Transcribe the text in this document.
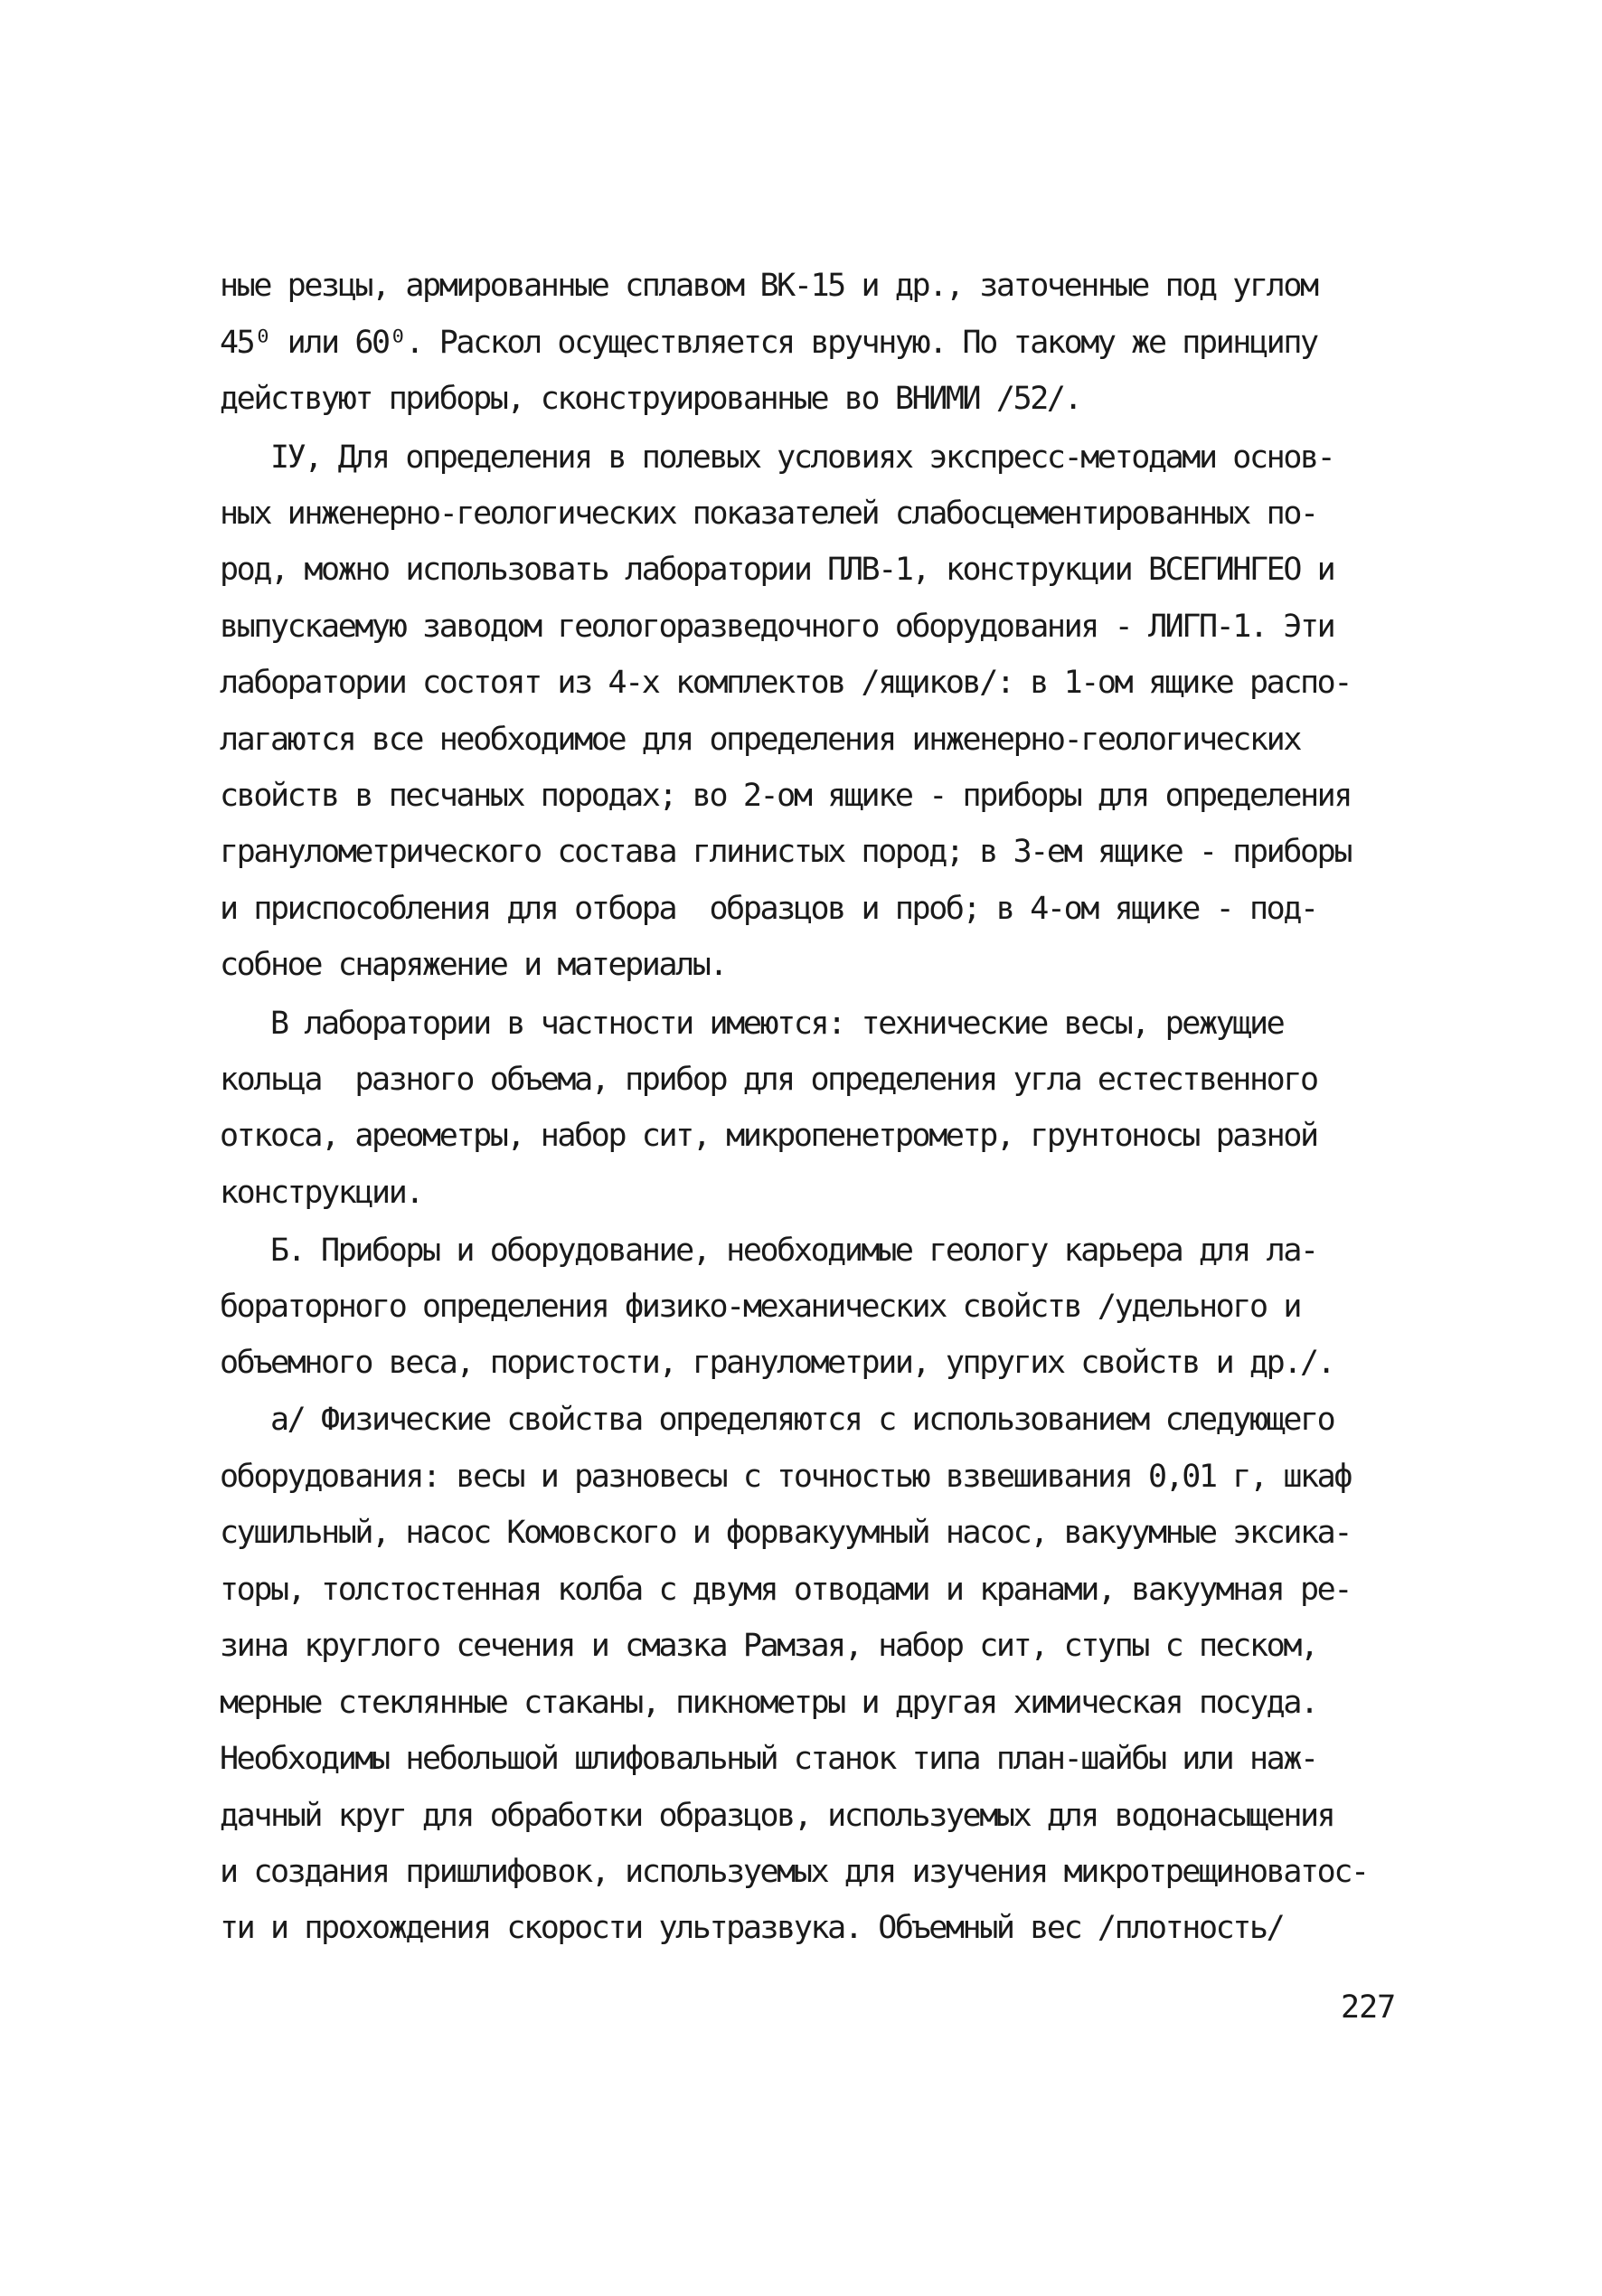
ные резцы, армированные сплавом ВК-15 и др., заточенные под углом
45⁰ или 60⁰. Раскол осуществляется вручную. По такому же принципу
действуют приборы, сконструированные во ВНИМИ /52/.
IУ, Для определения в полевых условиях экспресс-методами основ-
ных инженерно-геологических показателей слабосцементированных по-
род, можно использовать лаборатории ПЛВ-1, конструкции ВСЕГИНГЕО и
выпускаемую заводом геологоразведочного оборудования - ЛИГП-1. Эти
лаборатории состоят из 4-х комплектов /ящиков/: в 1-ом ящике распо-
лагаются все необходимое для определения инженерно-геологических
свойств в песчаных породах; во 2-ом ящике - приборы для определения
гранулометрического состава глинистых пород; в 3-ем ящике - приборы
и приспособления для отбора  образцов и проб; в 4-ом ящике - под-
собное снаряжение и материалы.
В лаборатории в частности имеются: технические весы, режущие
кольца  разного объема, прибор для определения угла естественного
откоса, ареометры, набор сит, микропенетрометр, грунтоносы разной
конструкции.
Б. Приборы и оборудование, необходимые геологу карьера для ла-
бораторного определения физико-механических свойств /удельного и
объемного веса, пористости, гранулометрии, упругих свойств и др./.
а/ Физические свойства определяются с использованием следующего
оборудования: весы и разновесы с точностью взвешивания 0,01 г, шкаф
сушильный, насос Комовского и форвакуумный насос, вакуумные эксика-
торы, толстостенная колба с двумя отводами и кранами, вакуумная ре-
зина круглого сечения и смазка Рамзая, набор сит, ступы с песком,
мерные стеклянные стаканы, пикнометры и другая химическая посуда.
Необходимы небольшой шлифовальный станок типа план-шайбы или наж-
дачный круг для обработки образцов, используемых для водонасыщения
и создания пришлифовок, используемых для изучения микротрещиноватос-
ти и прохождения скорости ультразвука. Объемный вес /плотность/
227
